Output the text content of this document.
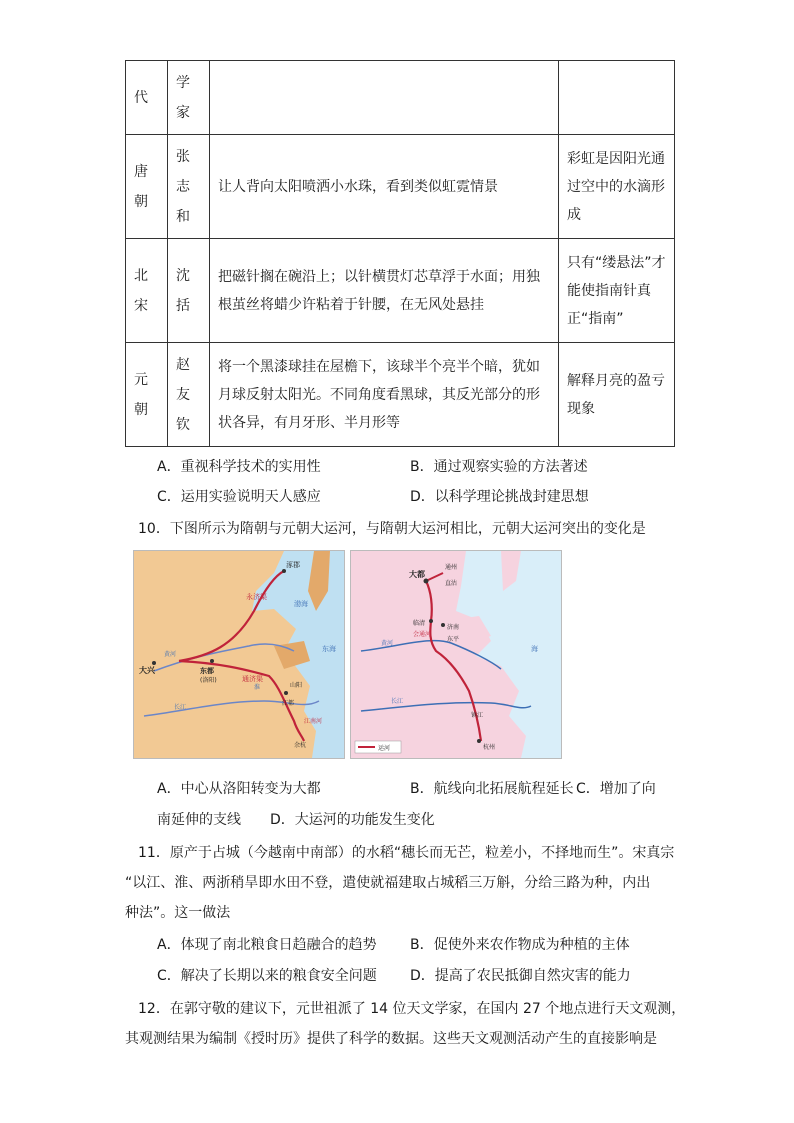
代	学家		

唐朝	张志和	让人背向太阳喷洒小水珠，看到类似虹霓情景	彩虹是因阳光通过空中的水滴形成

北宋	沈括	把磁针搁在碗沿上；以针横贯灯芯草浮于水面；用独根茧丝将蜡少许粘着于针腰，在无风处悬挂	只有“缕悬法”才能使指南针真正“指南”

元朝	赵友钦	将一个黑漆球挂在屋檐下，该球半个亮半个暗，犹如月球反射太阳光。不同角度看黑球，其反光部分的形状各异，有月牙形、半月形等	解释月亮的盈亏现象
A．重视科学技术的实用性	B．通过观察实验的方法著述
C．运用实验说明天人感应	D．以科学理论挑战封建思想
10．下图所示为隋朝与元朝大运河，与隋朝大运河相比，元朝大运河突出的变化是
涿郡
永济渠
大兴	东都
(洛阳)	通济渠
山阳
江都
余杭
江南河
渤海
东海
黄河
长江
淮
大都
通州
直沽
临清
济南
东平
会通河
黄河
长江
镇江
杭州
海
运河
A．中心从洛阳转变为大都	B．航线向北拓展航程延长 C．增加了向
南延伸的支线 D．大运河的功能发生变化
11．原产于占城（今越南中南部）的水稻“穗长而无芒，粒差小，不择地而生”。宋真宗
“以江、淮、两浙稍旱即水田不登，遣使就福建取占城稻三万斛，分给三路为种，内出
种法”。这一做法
A．体现了南北粮食日趋融合的趋势 B．促使外来农作物成为种植的主体
C．解决了长期以来的粮食安全问题 D．提高了农民抵御自然灾害的能力
12．在郭守敬的建议下，元世祖派了 14 位天文学家，在国内 27 个地点进行天文观测，
其观测结果为编制《授时历》提供了科学的数据。这些天文观测活动产生的直接影响是
